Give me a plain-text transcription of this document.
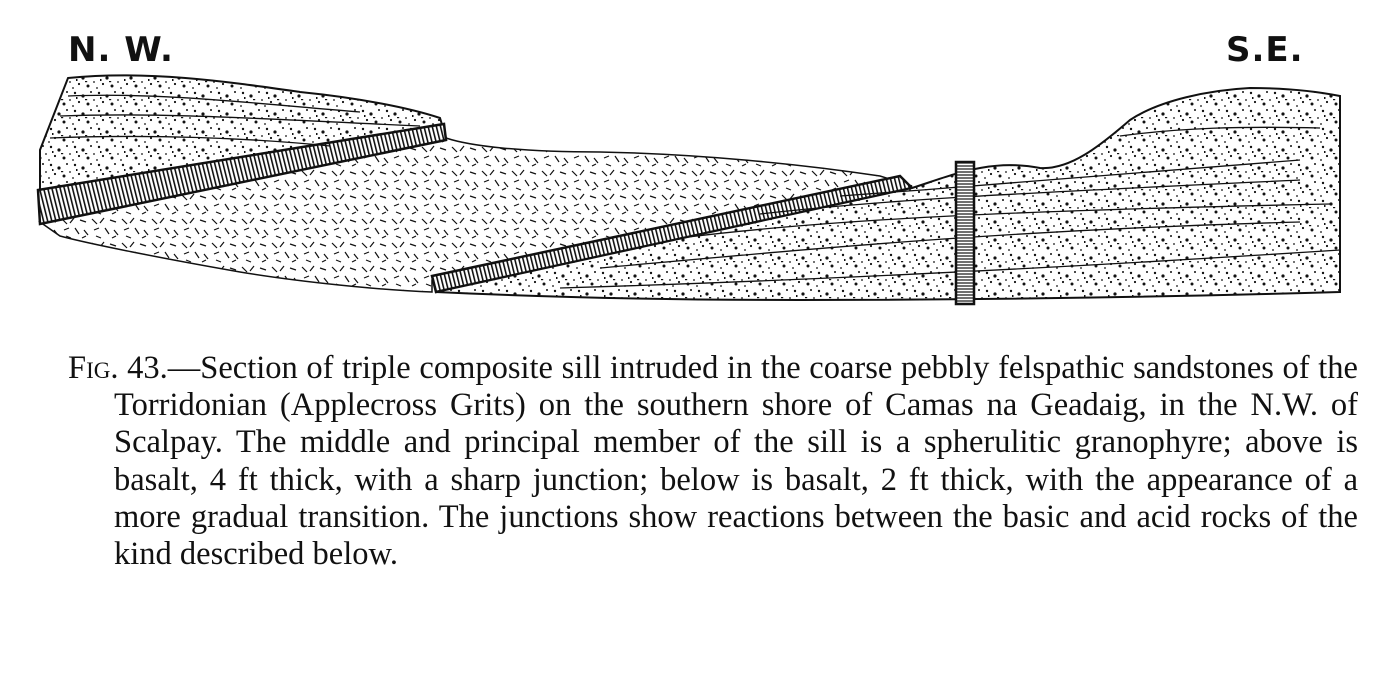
N. W.	S.E.

Fig. 43.—Section of triple composite sill intruded in the coarse pebbly felspathic sandstones of the Torridonian (Applecross Grits) on the southern shore of Camas na Geadaig, in the N.W. of Scalpay. The middle and principal member of the sill is a spherulitic granophyre; above is basalt, 4 ft thick, with a sharp junction; below is basalt, 2 ft thick, with the appearance of a more gradual transition. The junctions show reactions between the basic and acid rocks of the kind described below.
